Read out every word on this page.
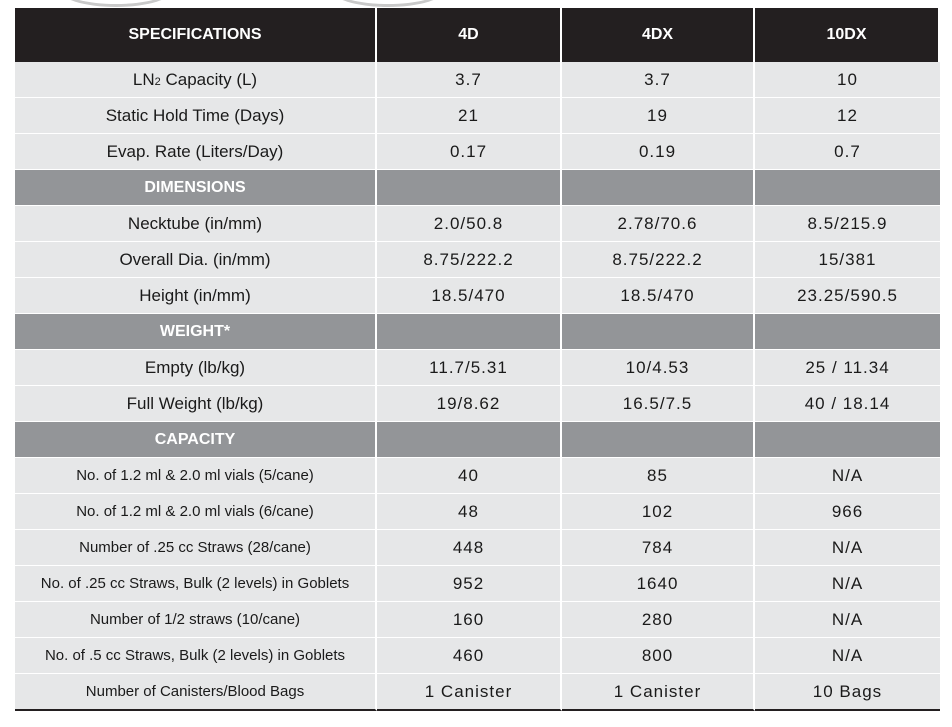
SPECIFICATIONS	4D	4DX	10DX
LN2 Capacity (L)	3.7	3.7	10
Static Hold Time (Days)	21	19	12
Evap. Rate (Liters/Day)	0.17	0.19	0.7
DIMENSIONS			
Necktube (in/mm)	2.0/50.8	2.78/70.6	8.5/215.9
Overall Dia. (in/mm)	8.75/222.2	8.75/222.2	15/381
Height (in/mm)	18.5/470	18.5/470	23.25/590.5
WEIGHT*			
Empty (lb/kg)	11.7/5.31	10/4.53	25 / 11.34
Full Weight (lb/kg)	19/8.62	16.5/7.5	40 / 18.14
CAPACITY			
No. of 1.2 ml & 2.0 ml vials (5/cane)	40	85	N/A
No. of 1.2 ml & 2.0 ml vials (6/cane)	48	102	966
Number of .25 cc Straws (28/cane)	448	784	N/A
No. of .25 cc Straws, Bulk (2 levels) in Goblets	952	1640	N/A
Number of 1/2 straws (10/cane)	160	280	N/A
No. of .5 cc Straws, Bulk (2 levels) in Goblets	460	800	N/A
Number of Canisters/Blood Bags	1 Canister	1 Canister	10 Bags
